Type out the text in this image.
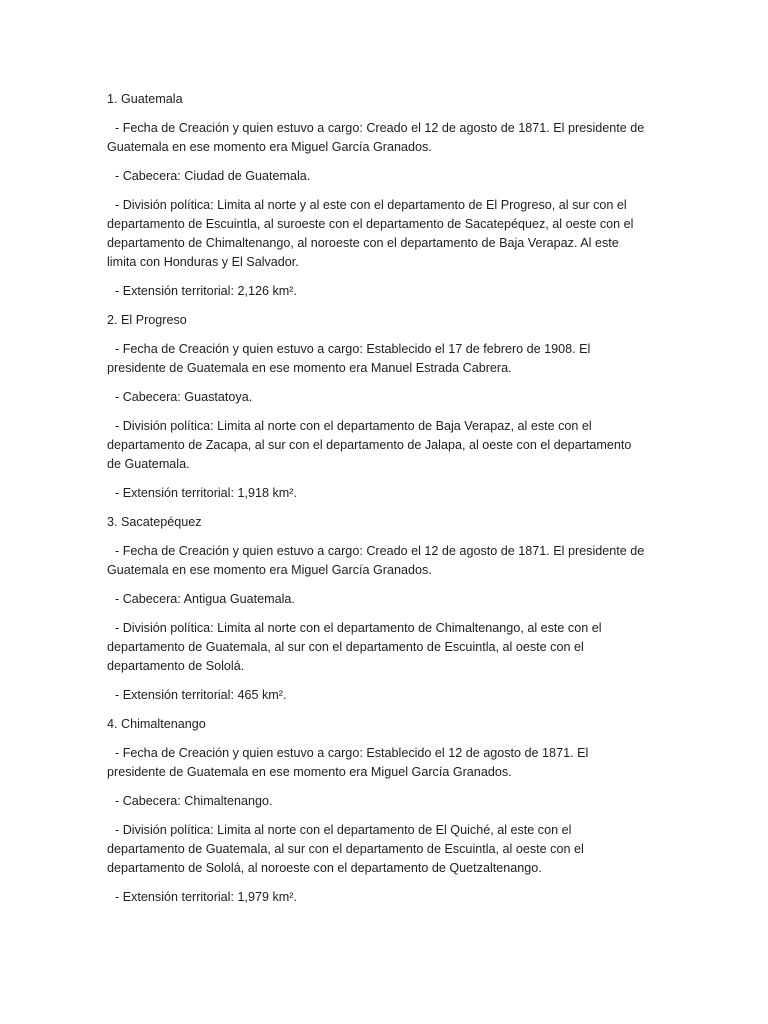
1. Guatemala

- Fecha de Creación y quien estuvo a cargo: Creado el 12 de agosto de 1871. El presidente de Guatemala en ese momento era Miguel García Granados.

- Cabecera: Ciudad de Guatemala.

- División política: Limita al norte y al este con el departamento de El Progreso, al sur con el departamento de Escuintla, al suroeste con el departamento de Sacatepéquez, al oeste con el departamento de Chimaltenango, al noroeste con el departamento de Baja Verapaz. Al este limita con Honduras y El Salvador.

- Extensión territorial: 2,126 km².

2. El Progreso

- Fecha de Creación y quien estuvo a cargo: Establecido el 17 de febrero de 1908. El presidente de Guatemala en ese momento era Manuel Estrada Cabrera.

- Cabecera: Guastatoya.

- División política: Limita al norte con el departamento de Baja Verapaz, al este con el departamento de Zacapa, al sur con el departamento de Jalapa, al oeste con el departamento de Guatemala.

- Extensión territorial: 1,918 km².

3. Sacatepéquez

- Fecha de Creación y quien estuvo a cargo: Creado el 12 de agosto de 1871. El presidente de Guatemala en ese momento era Miguel García Granados.

- Cabecera: Antigua Guatemala.

- División política: Limita al norte con el departamento de Chimaltenango, al este con el departamento de Guatemala, al sur con el departamento de Escuintla, al oeste con el departamento de Sololá.

- Extensión territorial: 465 km².

4. Chimaltenango

- Fecha de Creación y quien estuvo a cargo: Establecido el 12 de agosto de 1871. El presidente de Guatemala en ese momento era Miguel García Granados.

- Cabecera: Chimaltenango.

- División política: Limita al norte con el departamento de El Quiché, al este con el departamento de Guatemala, al sur con el departamento de Escuintla, al oeste con el departamento de Sololá, al noroeste con el departamento de Quetzaltenango.

- Extensión territorial: 1,979 km².
